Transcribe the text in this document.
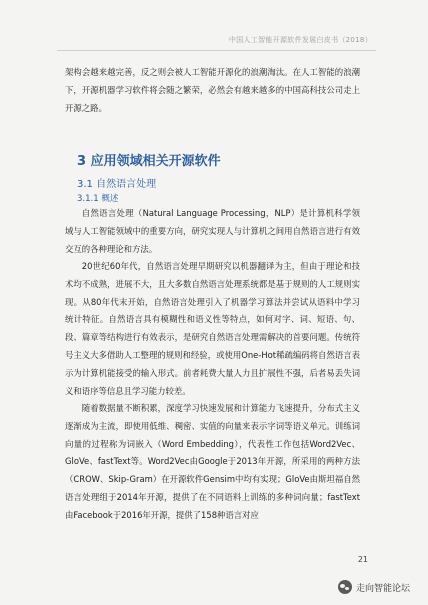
中国人工智能开源软件发展白皮书（2018）

架构会越来越完善，反之则会被人工智能开源化的浪潮淘汰。在人工智能的浪潮下，开源机器学习软件将会随之繁荣，必然会有越来越多的中国高科技公司走上开源之路。

3 应用领域相关开源软件
3.1 自然语言处理
3.1.1 概述

自然语言处理（Natural Language Processing，NLP）是计算机科学领域与人工智能领域中的重要方向，研究实现人与计算机之间用自然语言进行有效交互的各种理论和方法。

20世纪60年代，自然语言处理早期研究以机器翻译为主，但由于理论和技术均不成熟，进展不大，且大多数自然语言处理系统都是基于规则的人工规则实现。从80年代末开始，自然语言处理引入了机器学习算法并尝试从语料中学习统计特征。自然语言具有模糊性和语义性等特点，如何对字、词、短语、句、段、篇章等结构进行有效表示，是研究自然语言处理需解决的首要问题。传统符号主义大多借助人工整理的规则和经验，或使用One-Hot稀疏编码将自然语言表示为计算机能接受的输入形式。前者耗费大量人力且扩展性不强，后者易丢失词义和语序等信息且学习能力较差。

随着数据量不断积累，深度学习快速发展和计算能力飞速提升，分布式主义逐渐成为主流，即使用低维、稠密、实值的向量来表示字词等语义单元。训练词向量的过程称为词嵌入（Word Embedding），代表性工作包括Word2Vec、GloVe、fastText等。Word2Vec由Google于2013年开源，所采用的两种方法（CROW、Skip-Gram）在开源软件Gensim中均有实现；GloVe由斯坦福自然语言处理组于2014年开源，提供了在不同语料上训练的多种词向量；fastText由Facebook于2016年开源，提供了158种语言对应

21
走向智能论坛
